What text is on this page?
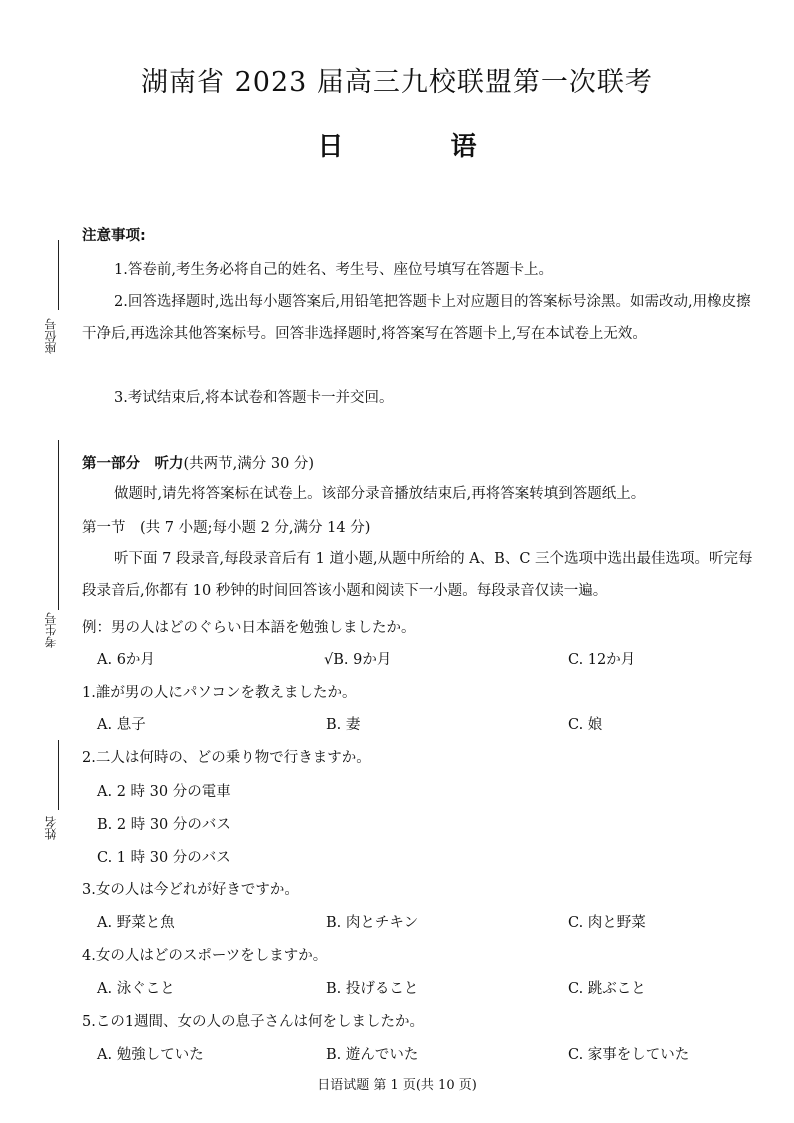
湖南省 2023 届高三九校联盟第一次联考
日	语
座位号
考生号
姓名
注意事项:
1.答卷前,考生务必将自己的姓名、考生号、座位号填写在答题卡上。
2.回答选择题时,选出每小题答案后,用铅笔把答题卡上对应题目的答案标号涂黑。如需改动,用橡皮擦干净后,再选涂其他答案标号。回答非选择题时,将答案写在答题卡上,写在本试卷上无效。
3.考试结束后,将本试卷和答题卡一并交回。
第一部分　听力(共两节,满分 30 分)
做题时,请先将答案标在试卷上。该部分录音播放结束后,再将答案转填到答题纸上。
第一节　(共 7 小题;每小题 2 分,满分 14 分)
听下面 7 段录音,每段录音后有 1 道小题,从题中所给的 A、B、C 三个选项中选出最佳选项。听完每段录音后,你都有 10 秒钟的时间回答该小题和阅读下一小题。每段录音仅读一遍。
例：男の人はどのぐらい日本語を勉強しましたか。
A. 6か月	√B. 9か月	C. 12か月
1.誰が男の人にパソコンを教えましたか。
A. 息子	B. 妻	C. 娘
2.二人は何時の、どの乗り物で行きますか。
A. 2 時 30 分の電車
B. 2 時 30 分のバス
C. 1 時 30 分のバス
3.女の人は今どれが好きですか。
A. 野菜と魚	B. 肉とチキン	C. 肉と野菜
4.女の人はどのスポーツをしますか。
A. 泳ぐこと	B. 投げること	C. 跳ぶこと
5.この1週間、女の人の息子さんは何をしましたか。
A. 勉強していた	B. 遊んでいた	C. 家事をしていた
日语试题 第 1 页(共 10 页)
